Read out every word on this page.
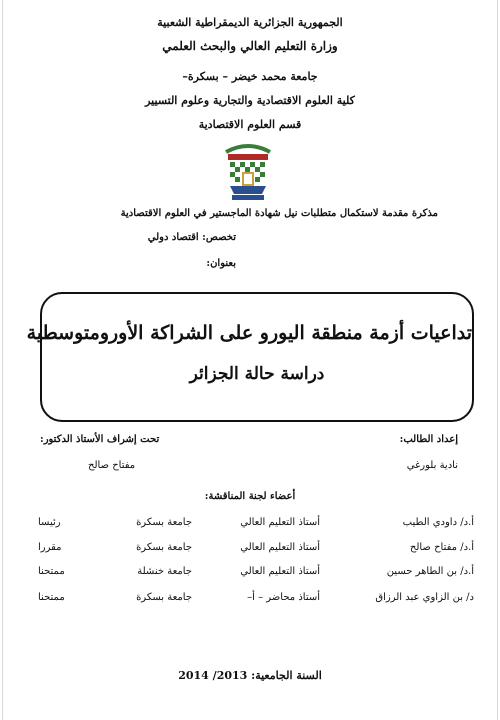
الجمهورية الجزائرية الديمقراطية الشعبية
وزارة التعليم العالي والبحث العلمي
جامعة محمد خيضر – بسكرة–
كلية العلوم الاقتصادية والتجارية وعلوم التسيير
قسم العلوم الاقتصادية
مذكرة مقدمة لاستكمال متطلبات نيل شهادة الماجستير في العلوم الاقتصادية
تخصص: اقتصاد دولي
بعنوان:
تداعيات أزمة منطقة اليورو على الشراكة الأورومتوسطية
دراسة حالة الجزائر
إعداد الطالب:
نادية بلورغي
تحت إشراف الأستاذ الدكتور:
مفتاح صالح
أعضاء لجنة المناقشة:
أ.د/ داودي الطيب
أستاذ التعليم العالي
جامعة بسكرة
رئيسا
أ.د/ مفتاح صالح
أستاذ التعليم العالي
جامعة بسكرة
مقررا
أ.د/ بن الطاهر حسين
أستاذ التعليم العالي
جامعة خنشلة
ممتحنا
د/ بن الزاوي عبد الرزاق
أستاذ محاضر – أ–
جامعة بسكرة
ممتحنا
السنة الجامعية: 2013/ 2014
